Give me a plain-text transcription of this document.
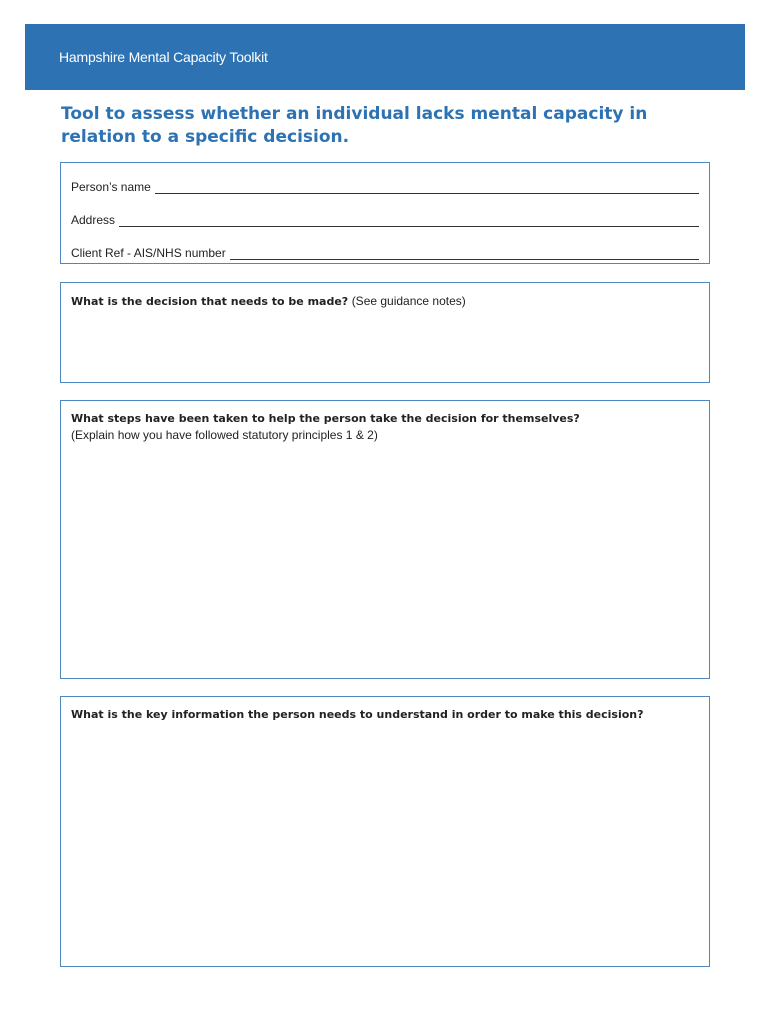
Hampshire Mental Capacity Toolkit
Tool to assess whether an individual lacks mental capacity in relation to a specific decision.
Person’s name
Address
Client Ref - AIS/NHS number
What is the decision that needs to be made? (See guidance notes)
What steps have been taken to help the person take the decision for themselves?
(Explain how you have followed statutory principles 1 & 2)
What is the key information the person needs to understand in order to make this decision?
